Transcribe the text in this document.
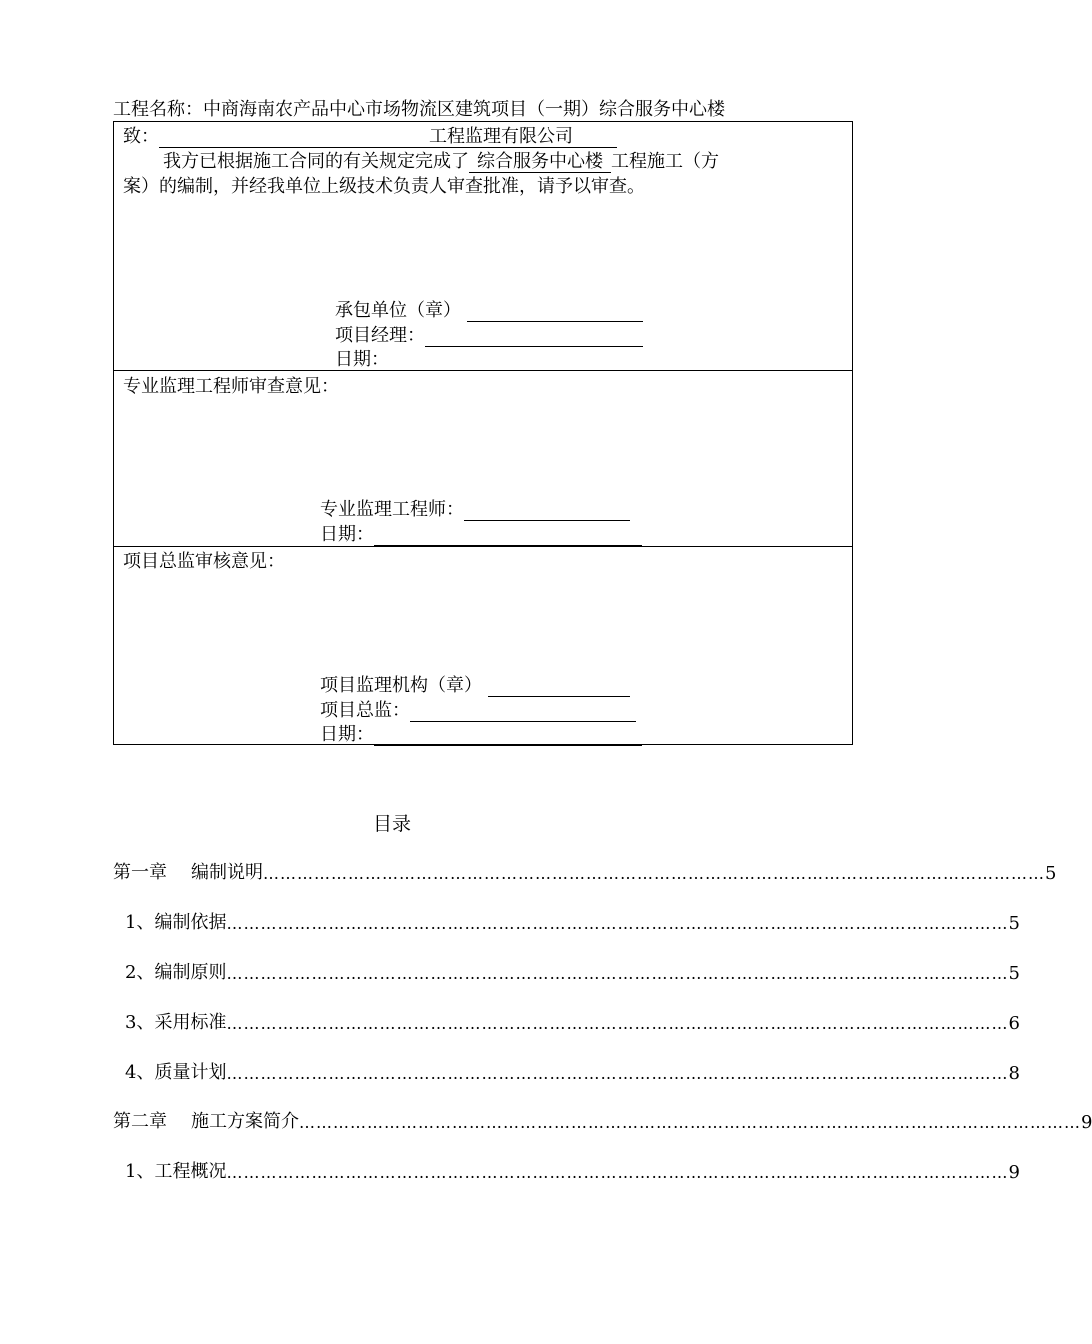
工程名称：中商海南农产品中心市场物流区建筑项目（一期）综合服务中心楼
致：	工程监理有限公司
我方已根据施工合同的有关规定完成了 综合服务中心楼 工程施工（方
案）的编制，并经我单位上级技术负责人审查批准，请予以审查。
承包单位（章）
项目经理：
日期：
专业监理工程师审查意见：
专业监理工程师：
日期：
项目总监审核意见：
项目监理机构（章）
项目总监：
日期：
目录
第一章 编制说明 ………………………………………………………………………………………………………………………… 5
1、编制依据 ………………………………………………………………………………………………………………………… 5
2、编制原则 ………………………………………………………………………………………………………………………… 5
3、采用标准 ………………………………………………………………………………………………………………………… 6
4、质量计划 ………………………………………………………………………………………………………………………… 8
第二章 施工方案简介 ………………………………………………………………………………………………………………………… 9
1、工程概况 ………………………………………………………………………………………………………………………… 9
